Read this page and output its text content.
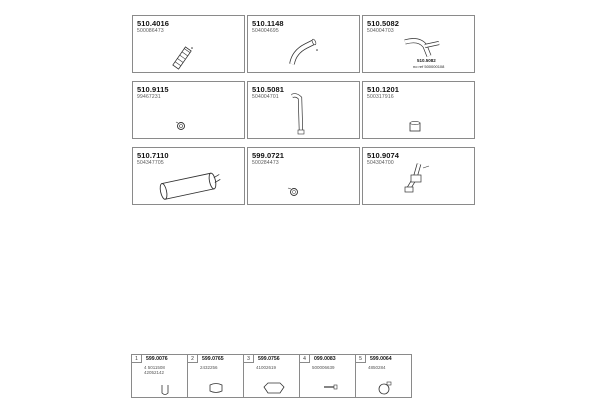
510.4016
500086473
510.1148
504004695
510.5082
504004703
510.5082
no ref 500000108
510.9115
99467231
510.5081
504004701
510.1201
500317916
510.7110
504347705
599.0721
500284473
510.9074
504304700
1	599.0076
4 5011508
42052142
2	599.0765
2432256
3	599.0756
41002619
4	099.0083
500006639
5	599.0064
4850284
